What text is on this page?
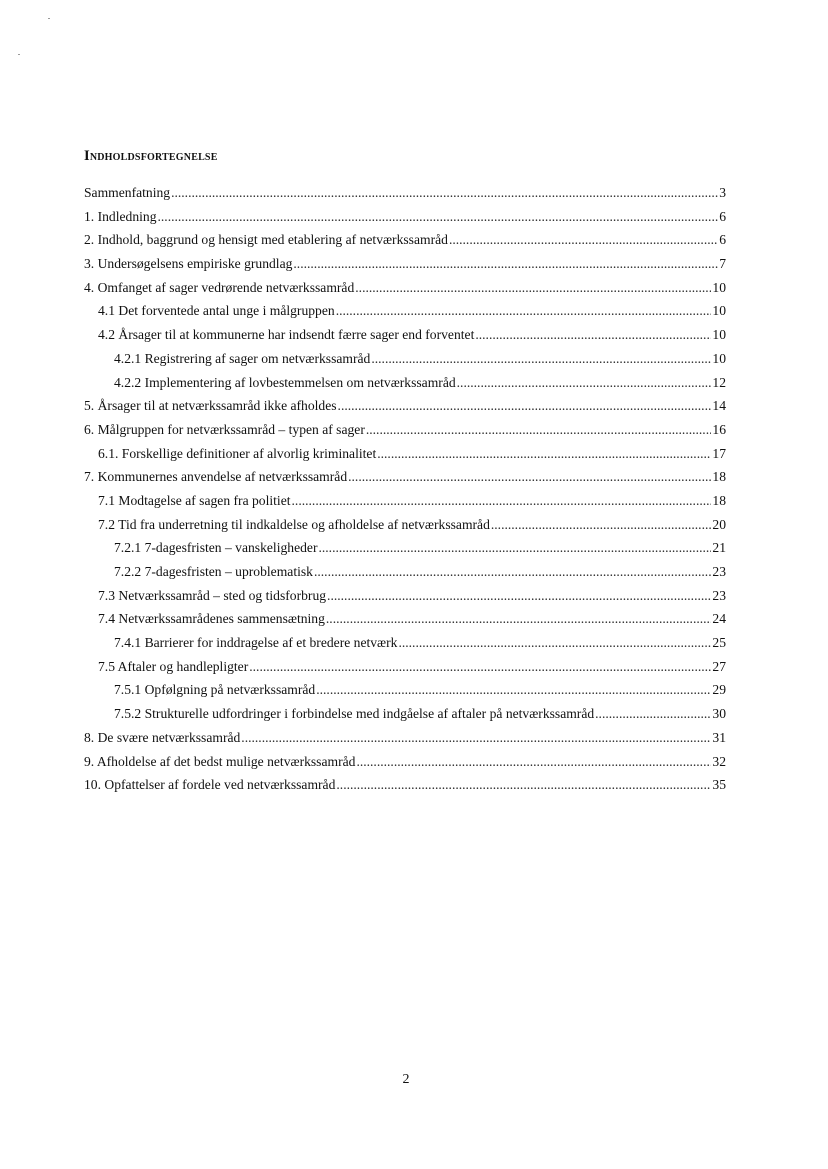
Indholdsfortegnelse
Sammenfatning .....	3
1. Indledning .....	6
2. Indhold, baggrund og hensigt med etablering af netværkssamråd .....	6
3. Undersøgelsens empiriske grundlag .....	7
4. Omfanget af sager vedrørende netværkssamråd .....	10
4.1 Det forventede antal unge i målgruppen .....	10
4.2 Årsager til at kommunerne har indsendt færre sager end forventet .....	10
4.2.1 Registrering af sager om netværkssamråd .....	10
4.2.2 Implementering af lovbestemmelsen om netværkssamråd .....	12
5. Årsager til at netværkssamråd ikke afholdes .....	14
6. Målgruppen for netværkssamråd – typen af sager .....	16
6.1. Forskellige definitioner af alvorlig kriminalitet .....	17
7. Kommunernes anvendelse af netværkssamråd .....	18
7.1 Modtagelse af sagen fra politiet .....	18
7.2 Tid fra underretning til indkaldelse og afholdelse af netværkssamråd .....	20
7.2.1 7-dagesfristen – vanskeligheder .....	21
7.2.2 7-dagesfristen – uproblematisk .....	23
7.3 Netværkssamråd – sted og tidsforbrug .....	23
7.4 Netværkssamrådenes sammensætning .....	24
7.4.1 Barrierer for inddragelse af et bredere netværk .....	25
7.5 Aftaler og handlepligter .....	27
7.5.1 Opfølgning på netværkssamråd .....	29
7.5.2 Strukturelle udfordringer i forbindelse med indgåelse af aftaler på netværkssamråd .....	30
8. De svære netværkssamråd .....	31
9. Afholdelse af det bedst mulige netværkssamråd .....	32
10. Opfattelser af fordele ved netværkssamråd .....	35
2
